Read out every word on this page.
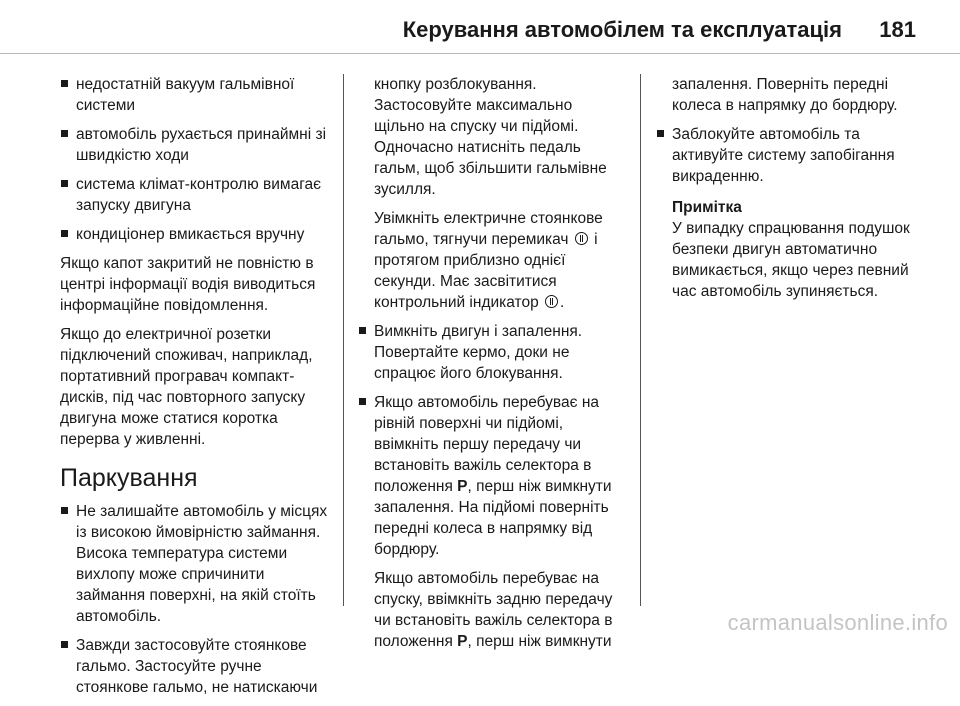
Керування автомобілем та експлуатація 181
недостатній вакуум гальмівної системи
автомобіль рухається принаймні зі швидкістю ходи
система клімат-контролю вимагає запуску двигуна
кондиціонер вмикається вручну
Якщо капот закритий не повністю в центрі інформації водія виводиться інформаційне повідомлення.
Якщо до електричної розетки підключений споживач, наприклад, портативний програвач компакт-дисків, під час повторного запуску двигуна може статися коротка перерва у живленні.
Паркування
Не залишайте автомобіль у місцях із високою ймовірністю займання. Висока температура системи вихлопу може спричинити займання поверхні, на якій стоїть автомобіль.
Завжди застосовуйте стоянкове гальмо. Застосуйте ручне стоянкове гальмо, не натискаючи
кнопку розблокування. Застосовуйте максимально щільно на спуску чи підйомі. Одночасно натисніть педаль гальм, щоб збільшити гальмівне зусилля.
Увімкніть електричне стоянкове гальмо, тягнучи перемикач і протягом приблизно однієї секунди. Має засвітитися контрольний індикатор .
Вимкніть двигун і запалення. Повертайте кермо, доки не спрацює його блокування.
Якщо автомобіль перебуває на рівній поверхні чи підйомі, ввімкніть першу передачу чи встановіть важіль селектора в положення P, перш ніж вимкнути запалення. На підйомі поверніть передні колеса в напрямку від бордюру.
Якщо автомобіль перебуває на спуску, ввімкніть задню передачу чи встановіть важіль селектора в положення P, перш ніж вимкнути
запалення. Поверніть передні колеса в напрямку до бордюру.
Заблокуйте автомобіль та активуйте систему запобігання викраденню.
Примітка
У випадку спрацювання подушок безпеки двигун автоматично вимикається, якщо через певний час автомобіль зупиняється.
carmanualsonline.info
